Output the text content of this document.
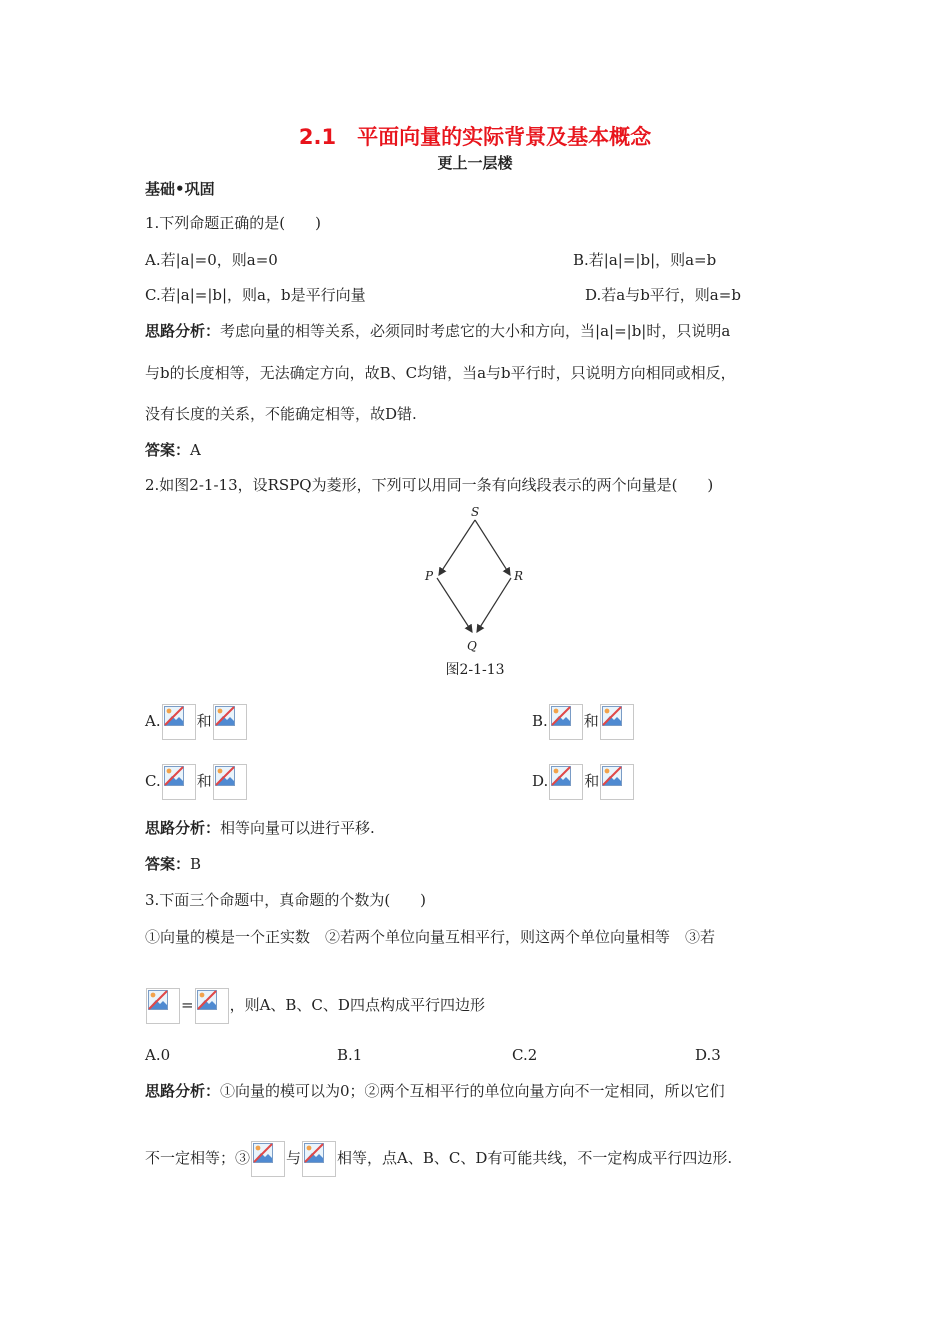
2.1　平面向量的实际背景及基本概念
更上一层楼
基础•巩固
1.下列命题正确的是(　　)
A.若|a|=0，则a=0	B.若|a|=|b|，则a=b
C.若|a|=|b|，则a，b是平行向量	D.若a与b平行，则a=b
思路分析：考虑向量的相等关系，必须同时考虑它的大小和方向，当|a|=|b|时，只说明a
与b的长度相等，无法确定方向，故B、C均错，当a与b平行时，只说明方向相同或相反，
没有长度的关系，不能确定相等，故D错.
答案：A
2.如图2-1-13，设RSPQ为菱形，下列可以用同一条有向线段表示的两个向量是(　　)
S
P	R
Q
图2-1-13
A. 和	B. 和
C. 和	D. 和
思路分析：相等向量可以进行平移.
答案：B
3.下面三个命题中，真命题的个数为(　　)
①向量的模是一个正实数　②若两个单位向量互相平行，则这两个单位向量相等　③若
= ，则A、B、C、D四点构成平行四边形
A.0	B.1	C.2	D.3
思路分析：①向量的模可以为0；②两个互相平行的单位向量方向不一定相同，所以它们
不一定相等；③ 与 相等，点A、B、C、D有可能共线，不一定构成平行四边形.
